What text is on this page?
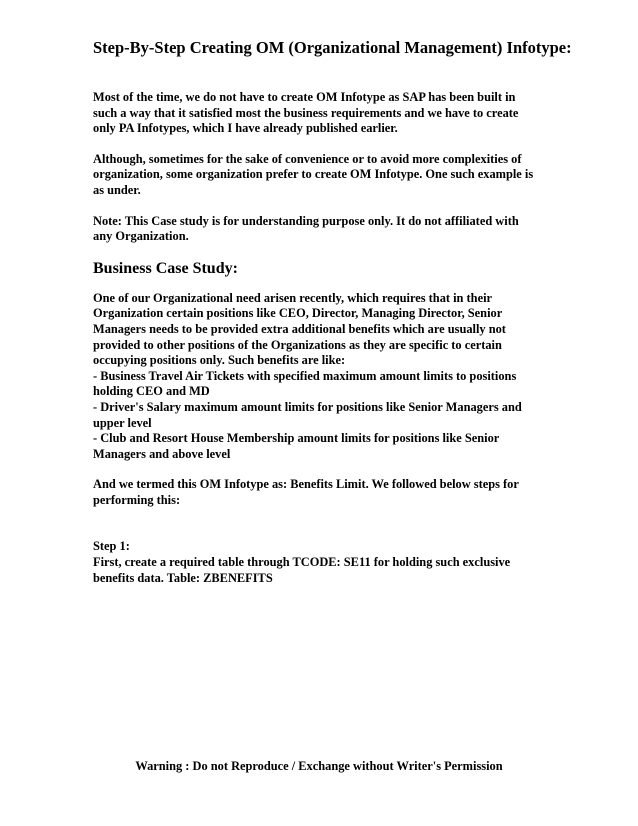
Step-By-Step Creating OM (Organizational Management) Infotype:

Most of the time, we do not have to create OM Infotype as SAP has been built in
such a way that it satisfied most the business requirements and we have to create
only PA Infotypes, which I have already published earlier.

Although, sometimes for the sake of convenience or to avoid more complexities of
organization, some organization prefer to create OM Infotype. One such example is
as under.

Note: This Case study is for understanding purpose only. It do not affiliated with
any Organization.

Business Case Study:

One of our Organizational need arisen recently, which requires that in their
Organization certain positions like CEO, Director, Managing Director, Senior
Managers needs to be provided extra additional benefits which are usually not
provided to other positions of the Organizations as they are specific to certain
occupying positions only. Such benefits are like:
- Business Travel Air Tickets with specified maximum amount limits to positions
holding CEO and MD
- Driver's Salary maximum amount limits for positions like Senior Managers and
upper level
- Club and Resort House Membership amount limits for positions like Senior
Managers and above level

And we termed this OM Infotype as: Benefits Limit. We followed below steps for
performing this:

Step 1:
First, create a required table through TCODE: SE11 for holding such exclusive
benefits data. Table: ZBENEFITS

Warning : Do not Reproduce / Exchange without Writer's Permission
